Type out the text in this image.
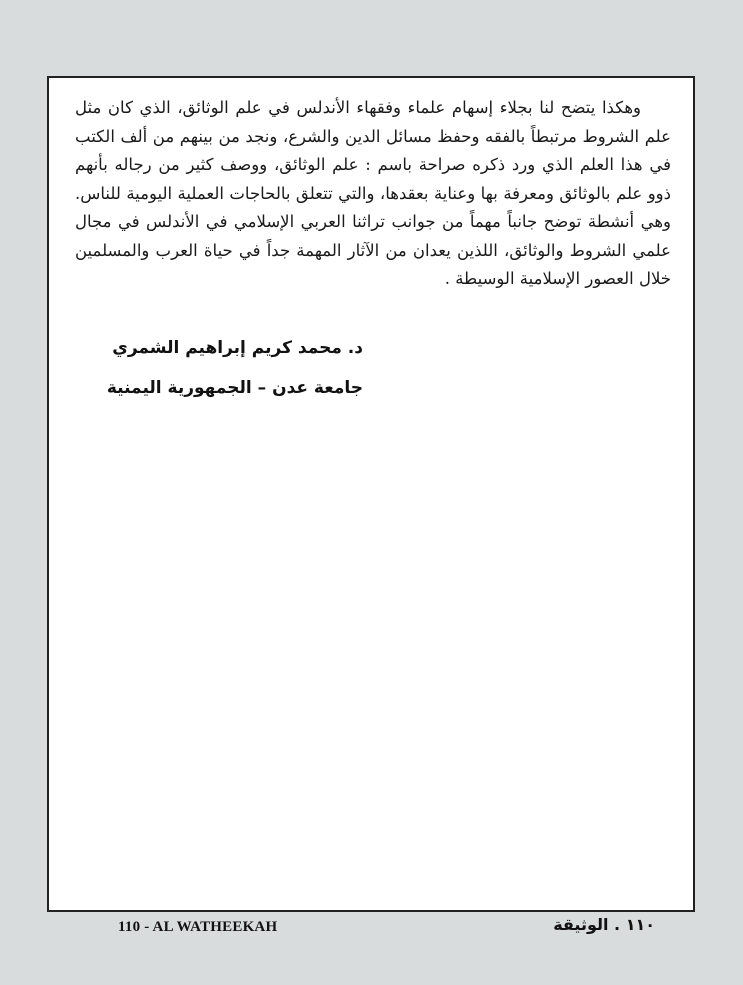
وهكذا يتضح لنا بجلاء إسهام علماء وفقهاء الأندلس في علم الوثائق، الذي كان مثل علم الشروط مرتبطاً بالفقه وحفظ مسائل الدين والشرع، ونجد من بينهم من ألف الكتب في هذا العلم الذي ورد ذكره صراحة باسم : علم الوثائق، ووصف كثير من رجاله بأنهم ذوو علم بالوثائق ومعرفة بها وعناية بعقدها، والتي تتعلق بالحاجات العملية اليومية للناس. وهي أنشطة توضح جانباً مهماً من جوانب تراثنا العربي الإسلامي في الأندلس في مجال علمي الشروط والوثائق، اللذين يعدان من الآثار المهمة جداً في حياة العرب والمسلمين خلال العصور الإسلامية الوسيطة .

د. محمد كريم إبراهيم الشمري
جامعة عدن – الجمهورية اليمنية
110 - AL WATHEEKAH	١١٠ . الوثيقة
